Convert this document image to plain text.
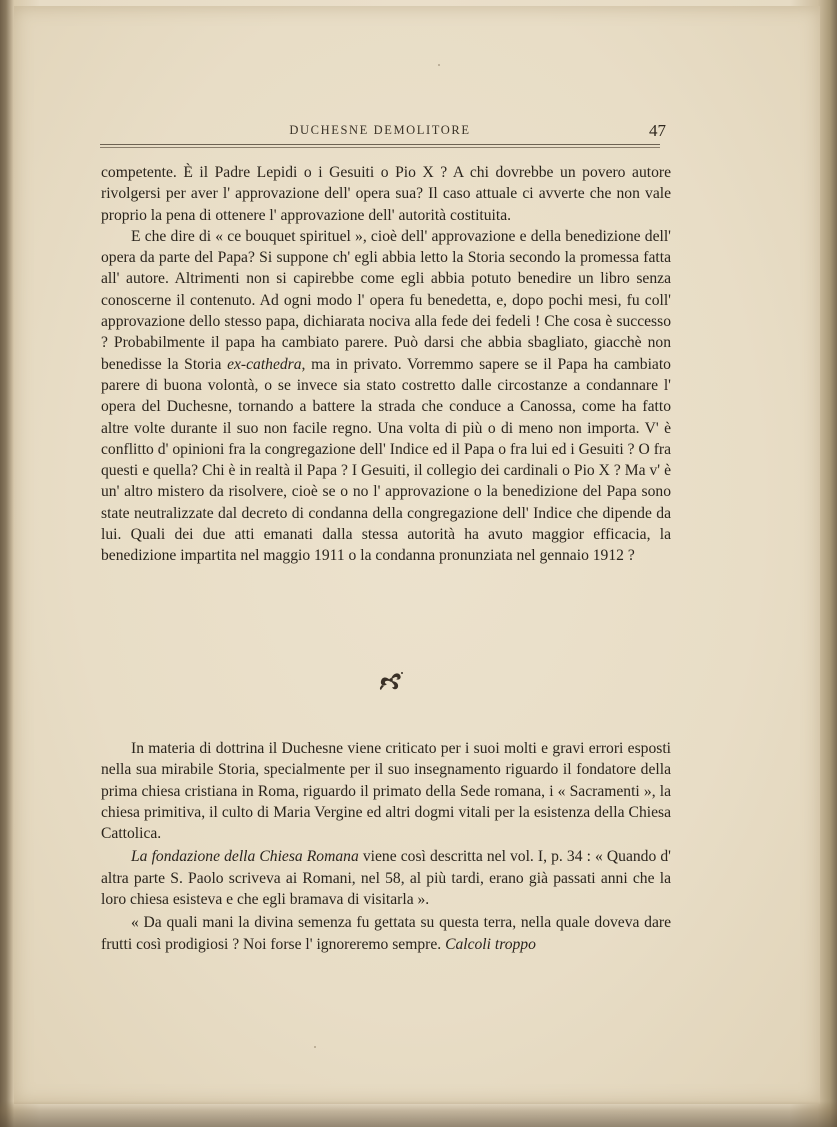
DUCHESNE DEMOLITORE	47

competente. È il Padre Lepidi o i Gesuiti o Pio X ? A chi dovrebbe un povero autore rivolgersi per aver l' approvazione dell' opera sua? Il caso attuale ci avverte che non vale proprio la pena di ottenere l' approvazione dell' autorità costituita.

E che dire di « ce bouquet spirituel », cioè dell' approvazione e della benedizione dell' opera da parte del Papa? Si suppone ch' egli abbia letto la Storia secondo la promessa fatta all' autore. Altrimenti non si capirebbe come egli abbia potuto benedire un libro senza conoscerne il contenuto. Ad ogni modo l' opera fu benedetta, e, dopo pochi mesi, fu coll' approvazione dello stesso papa, dichiarata nociva alla fede dei fedeli ! Che cosa è successo ? Probabilmente il papa ha cambiato parere. Può darsi che abbia sbagliato, giacchè non benedisse la Storia ex-cathedra, ma in privato. Vorremmo sapere se il Papa ha cambiato parere di buona volontà, o se invece sia stato costretto dalle circostanze a condannare l' opera del Duchesne, tornando a battere la strada che conduce a Canossa, come ha fatto altre volte durante il suo non facile regno. Una volta di più o di meno non importa. V' è conflitto d' opinioni fra la congregazione dell' Indice ed il Papa o fra lui ed i Gesuiti ? O fra questi e quella? Chi è in realtà il Papa ? I Gesuiti, il collegio dei cardinali o Pio X ? Ma v' è un' altro mistero da risolvere, cioè se o no l' approvazione o la benedizione del Papa sono state neutralizzate dal decreto di condanna della congregazione dell' Indice che dipende da lui. Quali dei due atti emanati dalla stessa autorità ha avuto maggior efficacia, la benedizione impartita nel maggio 1911 o la condanna pronunziata nel gennaio 1912 ?

In materia di dottrina il Duchesne viene criticato per i suoi molti e gravi errori esposti nella sua mirabile Storia, specialmente per il suo insegnamento riguardo il fondatore della prima chiesa cristiana in Roma, riguardo il primato della Sede romana, i « Sacramenti », la chiesa primitiva, il culto di Maria Vergine ed altri dogmi vitali per la esistenza della Chiesa Cattolica.

La fondazione della Chiesa Romana viene così descritta nel vol. I, p. 34 : « Quando d' altra parte S. Paolo scriveva ai Romani, nel 58, al più tardi, erano già passati anni che la loro chiesa esisteva e che egli bramava di visitarla ».

« Da quali mani la divina semenza fu gettata su questa terra, nella quale doveva dare frutti così prodigiosi ? Noi forse l' ignoreremo sempre. Calcoli troppo
